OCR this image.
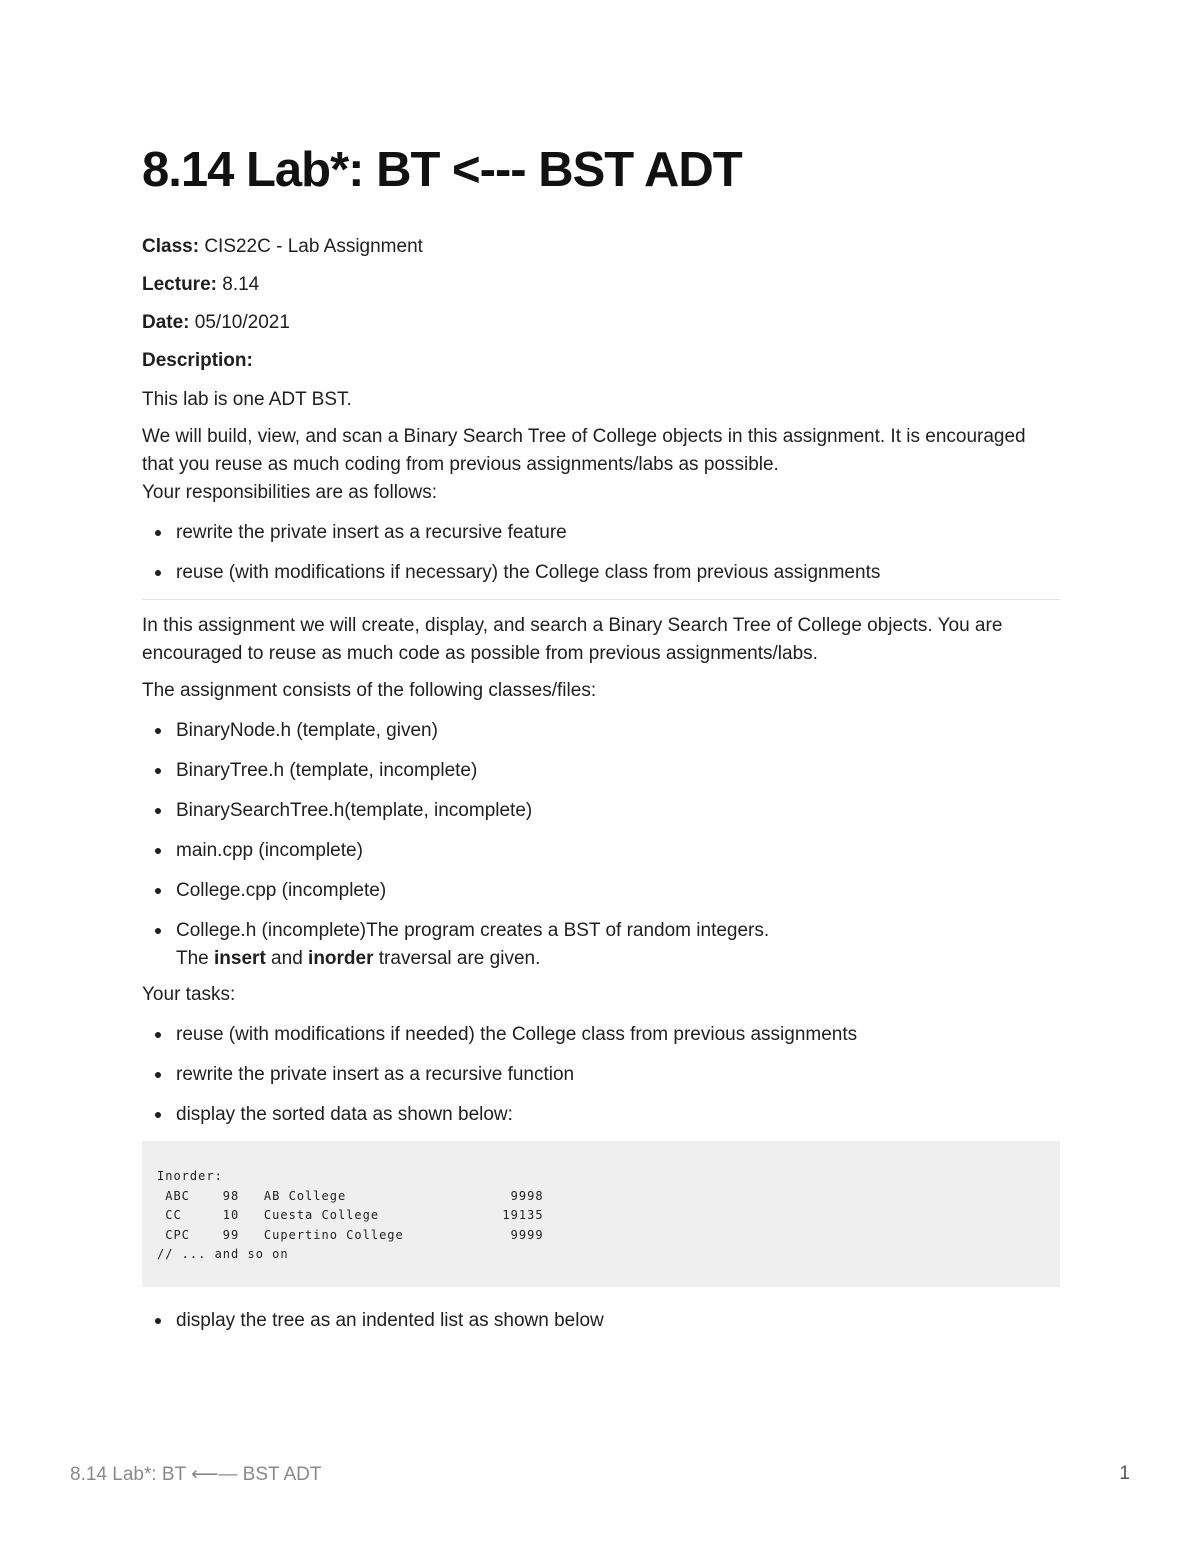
8.14 Lab*: BT <--- BST ADT
Class: CIS22C - Lab Assignment
Lecture: 8.14
Date: 05/10/2021
Description:

This lab is one ADT BST.

We will build, view, and scan a Binary Search Tree of College objects in this assignment. It is encouraged that you reuse as much coding from previous assignments/labs as possible.

Your responsibilities are as follows:

rewrite the private insert as a recursive feature
reuse (with modifications if necessary) the College class from previous assignments

In this assignment we will create, display, and search a Binary Search Tree of College objects. You are encouraged to reuse as much code as possible from previous assignments/labs.

The assignment consists of the following classes/files:

BinaryNode.h (template, given)
BinaryTree.h (template, incomplete)
BinarySearchTree.h(template, incomplete)
main.cpp (incomplete)
College.cpp (incomplete)
College.h (incomplete)The program creates a BST of random integers.
The insert and inorder traversal are given.

Your tasks:

reuse (with modifications if needed) the College class from previous assignments
rewrite the private insert as a recursive function
display the sorted data as shown below:
Inorder:
ABC    98   AB College                    9998
CC     10   Cuesta College               19135
CPC    99   Cupertino College             9999
// ... and so on
display the tree as an indented list as shown below
8.14 Lab*: BT ⟵— BST ADT	1
